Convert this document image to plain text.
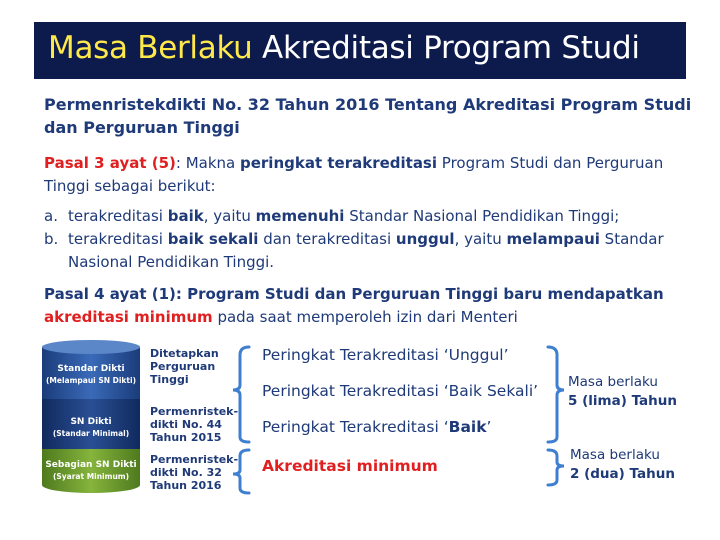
Masa Berlaku Akreditasi Program Studi
Permenristekdikti No. 32 Tahun 2016 Tentang Akreditasi Program Studi
dan Perguruan Tinggi
Pasal 3 ayat (5): Makna peringkat terakreditasi Program Studi dan Perguruan
Tinggi sebagai berikut:
a. terakreditasi baik, yaitu memenuhi Standar Nasional Pendidikan Tinggi;
b. terakreditasi baik sekali dan terakreditasi unggul, yaitu melampaui Standar
Nasional Pendidikan Tinggi.
Pasal 4 ayat (1): Program Studi dan Perguruan Tinggi baru mendapatkan
akreditasi minimum pada saat memperoleh izin dari Menteri
Standar Dikti
(Melampaui SN Dikti)
SN Dikti
(Standar Minimal)
Sebagian SN Dikti
(Syarat Minimum)
Ditetapkan
Perguruan
Tinggi
Permenristek-
dikti No. 44
Tahun 2015
Permenristek-
dikti No. 32
Tahun 2016
Peringkat Terakreditasi ‘Unggul’
Peringkat Terakreditasi ‘Baik Sekali’
Peringkat Terakreditasi ‘Baik’
Akreditasi minimum
Masa berlaku
5 (lima) Tahun
Masa berlaku
2 (dua) Tahun
